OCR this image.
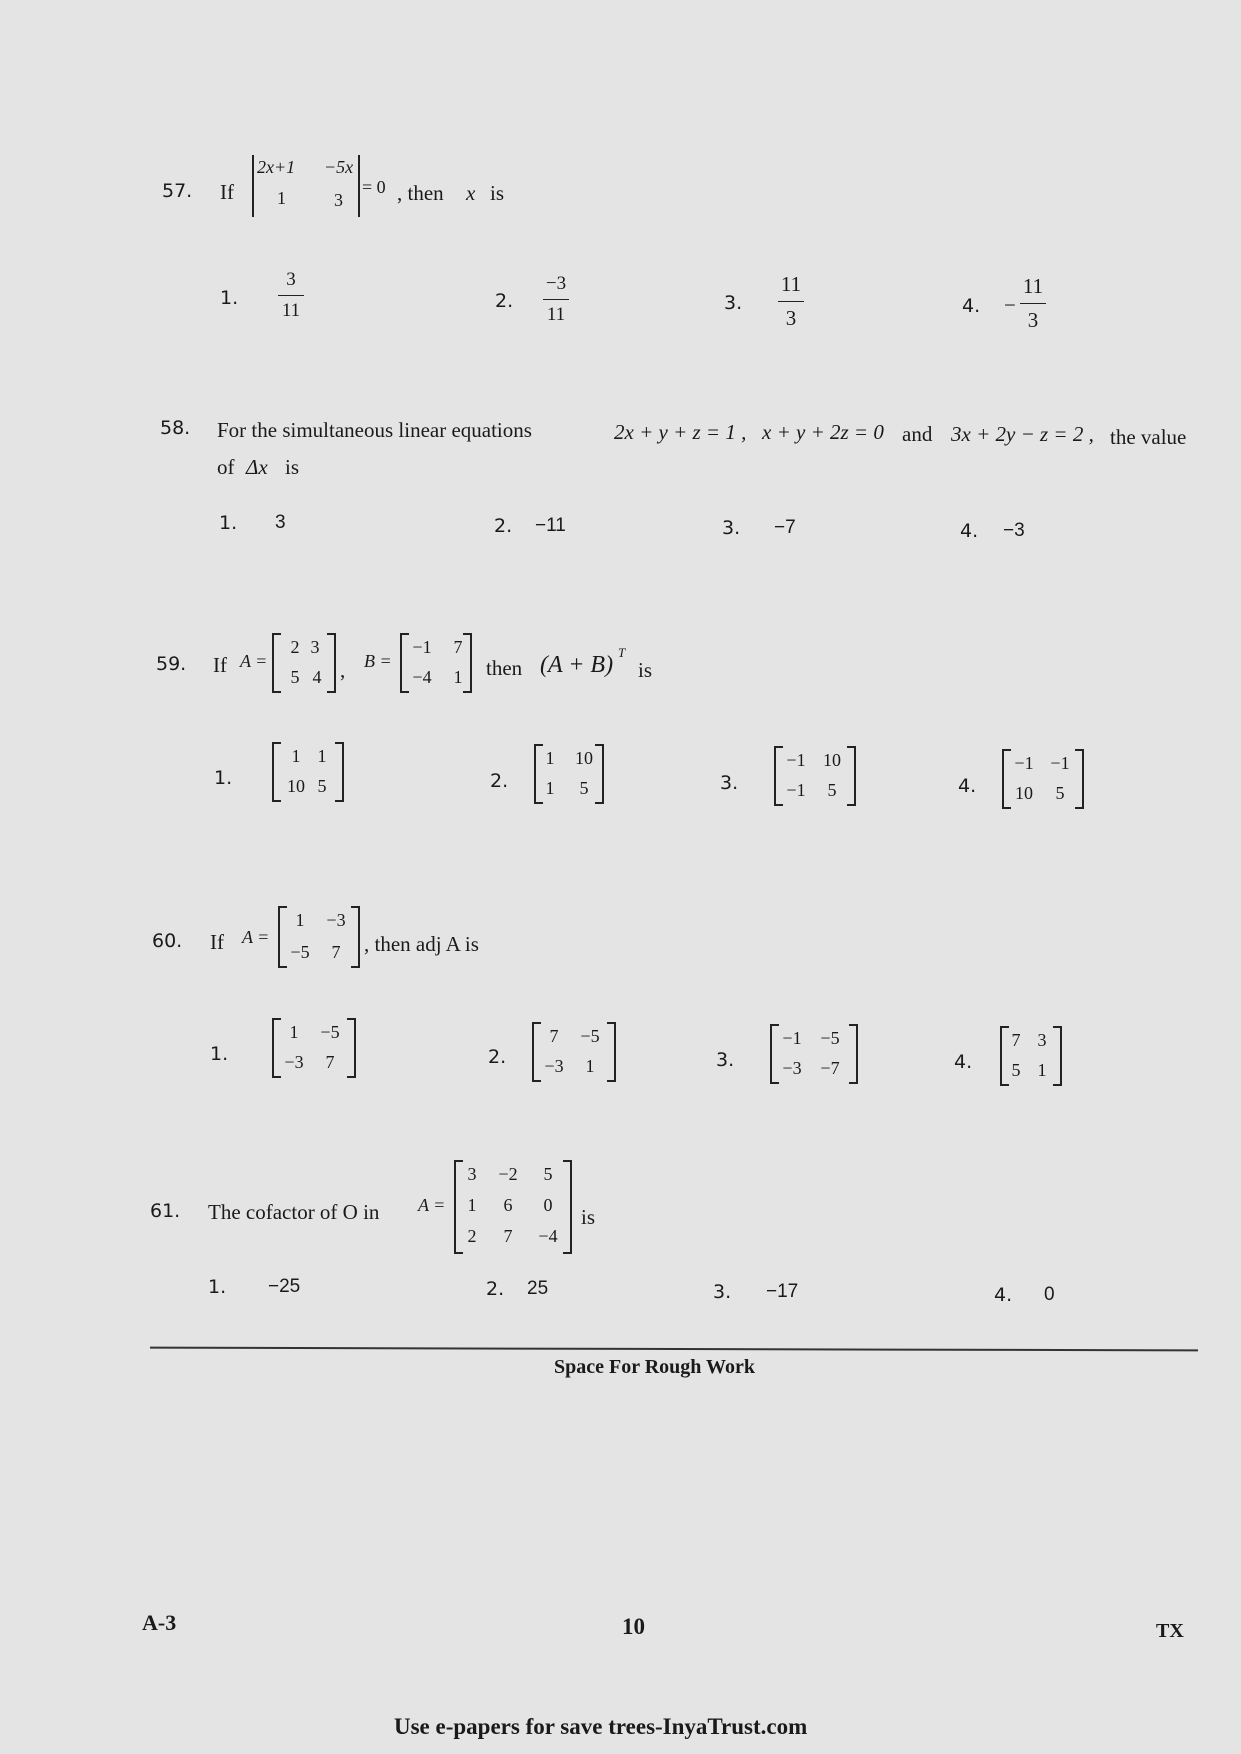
57. If
2x+1 −5x
1	3
= 0 , then x is
1.
3
11	2.
−3
11
3.
11
3	4. −
11
3
58. For the simultaneous linear equations	2x + y + z = 1 , x + y + 2z = 0 and 3x + 2y − z = 2 , the value
of Δx is
1. 3	2. −11	3. −7	4. −3
59. If A =
2 3
5 4 , B =
−1	7
−4	1	then (A + B) T
is
1.
1 1
10 5	2.
1	10
1	5	3.
−1 10
−1	5	4.
−1 −1
10	5
60. If A =
1	−3
−5	7	, then adj A is
1.
1	−5
−3	7	2.
7	−5
−3	1	3.
−1	−5
−3	−7	4.
7 3
5 1
61. The cofactor of O in A =
3	−2	5
1	6	0
2	7	−4
is
1. −25	2. 25	3. −17	4. 0
Space For Rough Work
A-3	10	TX
Use e-papers for save trees-InyaTrust.com
